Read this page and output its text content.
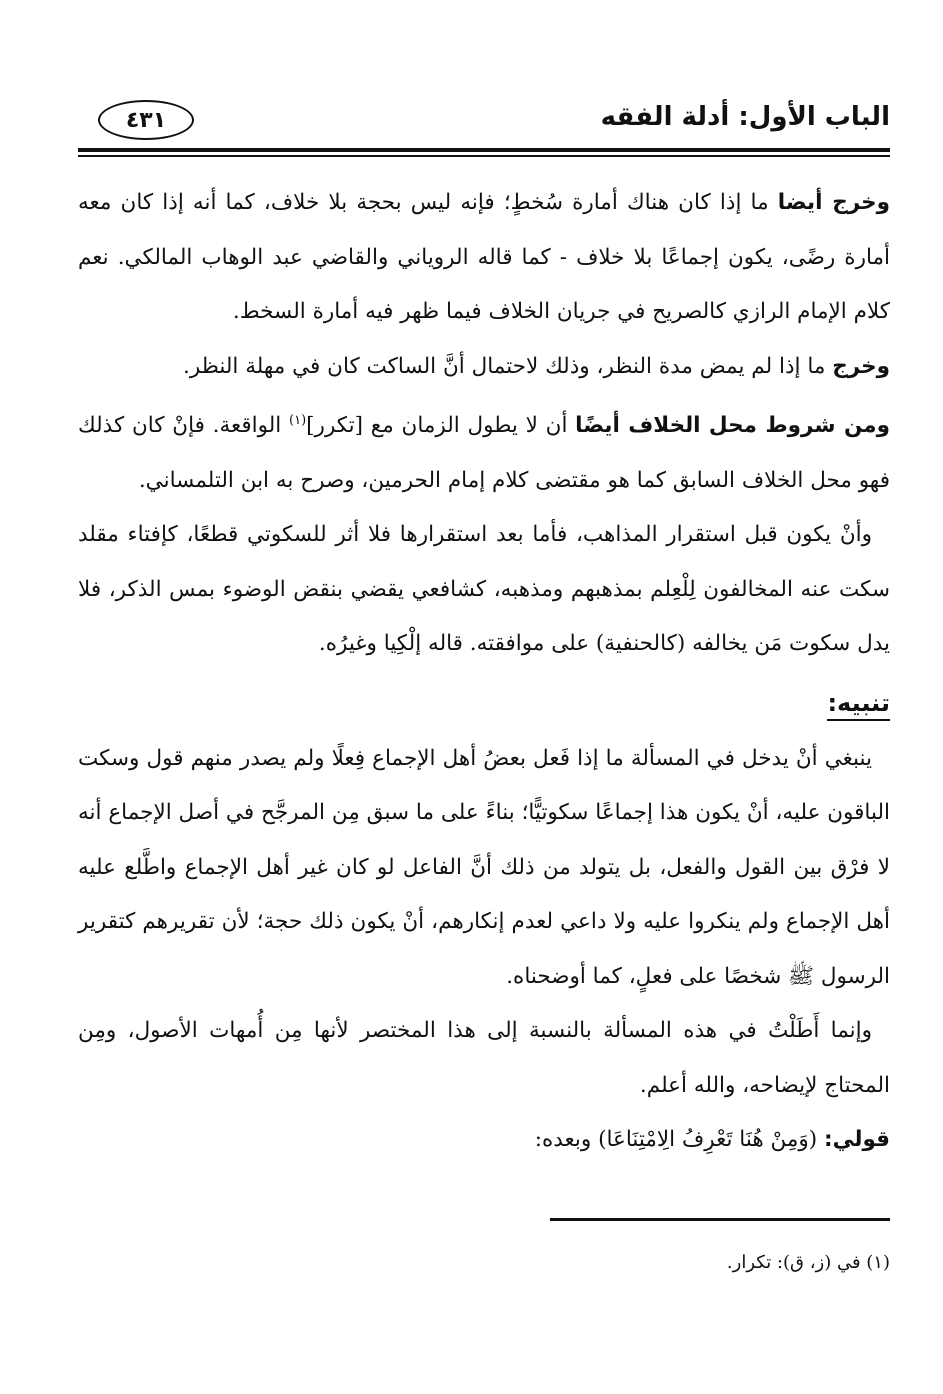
الباب الأول: أدلة الفقه
٤٣١

وخرج أيضا ما إذا كان هناك أمارة سُخطٍ؛ فإنه ليس بحجة بلا خلاف، كما أنه إذا كان معه أمارة رضًى، يكون إجماعًا بلا خلاف - كما قاله الروياني والقاضي عبد الوهاب المالكي. نعم كلام الإمام الرازي كالصريح في جريان الخلاف فيما ظهر فيه أمارة السخط.

وخرج ما إذا لم يمض مدة النظر، وذلك لاحتمال أنَّ الساكت كان في مهلة النظر.

ومن شروط محل الخلاف أيضًا أن لا يطول الزمان مع [تكرر]$^{(١)}$ الواقعة. فإنْ كان كذلك فهو محل الخلاف السابق كما هو مقتضى كلام إمام الحرمين، وصرح به ابن التلمساني.

وأنْ يكون قبل استقرار المذاهب، فأما بعد استقرارها فلا أثر للسكوتي قطعًا، كإفتاء مقلد سكت عنه المخالفون لِلْعِلم بمذهبهم ومذهبه، كشافعي يقضي بنقض الوضوء بمس الذكر، فلا يدل سكوت مَن يخالفه (كالحنفية) على موافقته. قاله إلْكِيا وغيرُه.

تنبيه:

ينبغي أنْ يدخل في المسألة ما إذا فَعل بعضُ أهل الإجماع فِعلًا ولم يصدر منهم قول وسكت الباقون عليه، أنْ يكون هذا إجماعًا سكوتيًّا؛ بناءً على ما سبق مِن المرجَّح في أصل الإجماع أنه لا فرْق بين القول والفعل، بل يتولد من ذلك أنَّ الفاعل لو كان غير أهل الإجماع واطَّلع عليه أهل الإجماع ولم ينكروا عليه ولا داعي لعدم إنكارهم، أنْ يكون ذلك حجة؛ لأن تقريرهم كتقرير الرسول ﷺ شخصًا على فعلٍ، كما أوضحناه.

وإنما أَطَلْتُ في هذه المسألة بالنسبة إلى هذا المختصر لأنها مِن أُمهات الأصول، ومِن المحتاج لإيضاحه، والله أعلم.

قولي: (وَمِنْ هُنَا تَعْرِفُ الِامْتِنَاعَا) وبعده:

(١) في (ز، ق): تكرار.
